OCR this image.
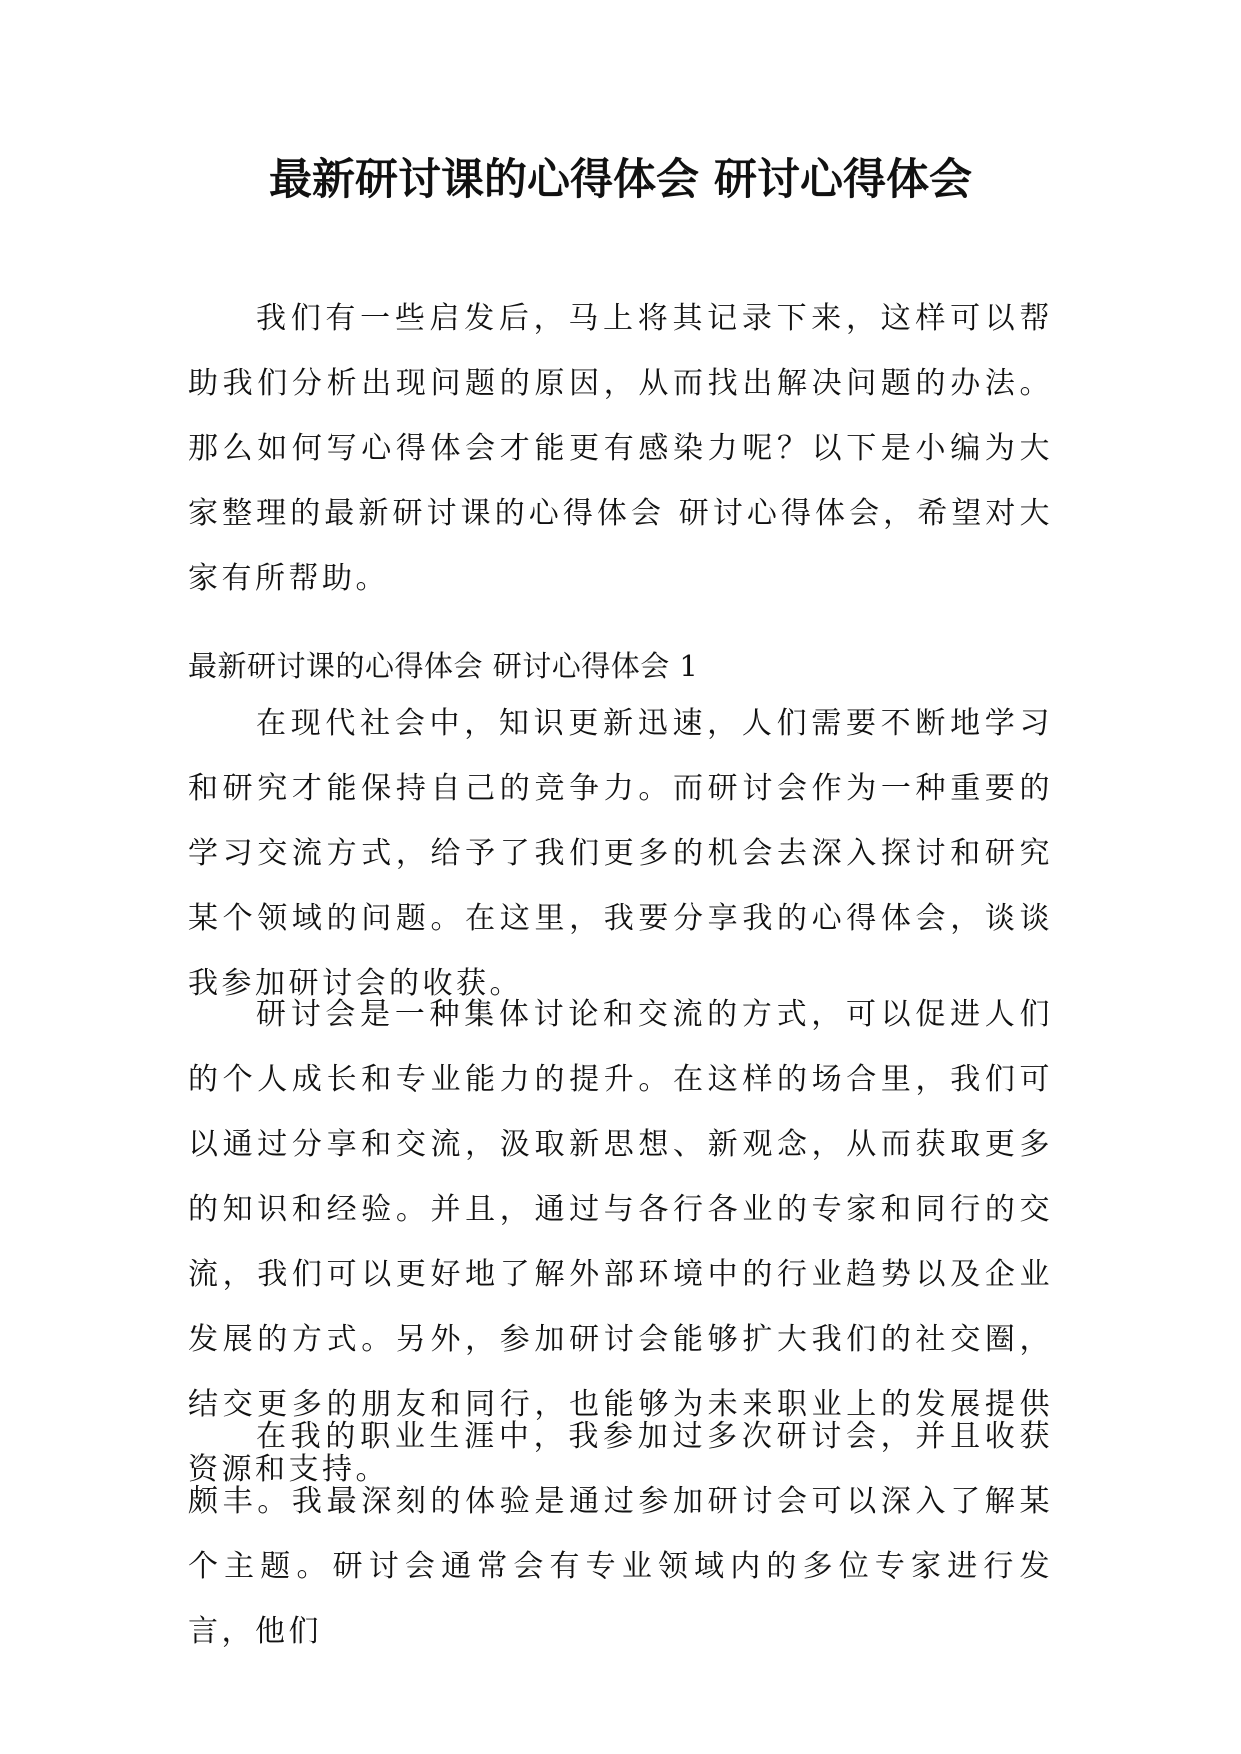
最新研讨课的心得体会 研讨心得体会

我们有一些启发后，马上将其记录下来，这样可以帮助我们分析出现问题的原因，从而找出解决问题的办法。那么如何写心得体会才能更有感染力呢？以下是小编为大家整理的最新研讨课的心得体会 研讨心得体会，希望对大家有所帮助。

最新研讨课的心得体会 研讨心得体会 1

在现代社会中，知识更新迅速，人们需要不断地学习和研究才能保持自己的竞争力。而研讨会作为一种重要的学习交流方式，给予了我们更多的机会去深入探讨和研究某个领域的问题。在这里，我要分享我的心得体会，谈谈我参加研讨会的收获。

研讨会是一种集体讨论和交流的方式，可以促进人们的个人成长和专业能力的提升。在这样的场合里，我们可以通过分享和交流，汲取新思想、新观念，从而获取更多的知识和经验。并且，通过与各行各业的专家和同行的交流，我们可以更好地了解外部环境中的行业趋势以及企业发展的方式。另外，参加研讨会能够扩大我们的社交圈，结交更多的朋友和同行，也能够为未来职业上的发展提供资源和支持。

在我的职业生涯中，我参加过多次研讨会，并且收获颇丰。我最深刻的体验是通过参加研讨会可以深入了解某个主题。研讨会通常会有专业领域内的多位专家进行发言，他们
